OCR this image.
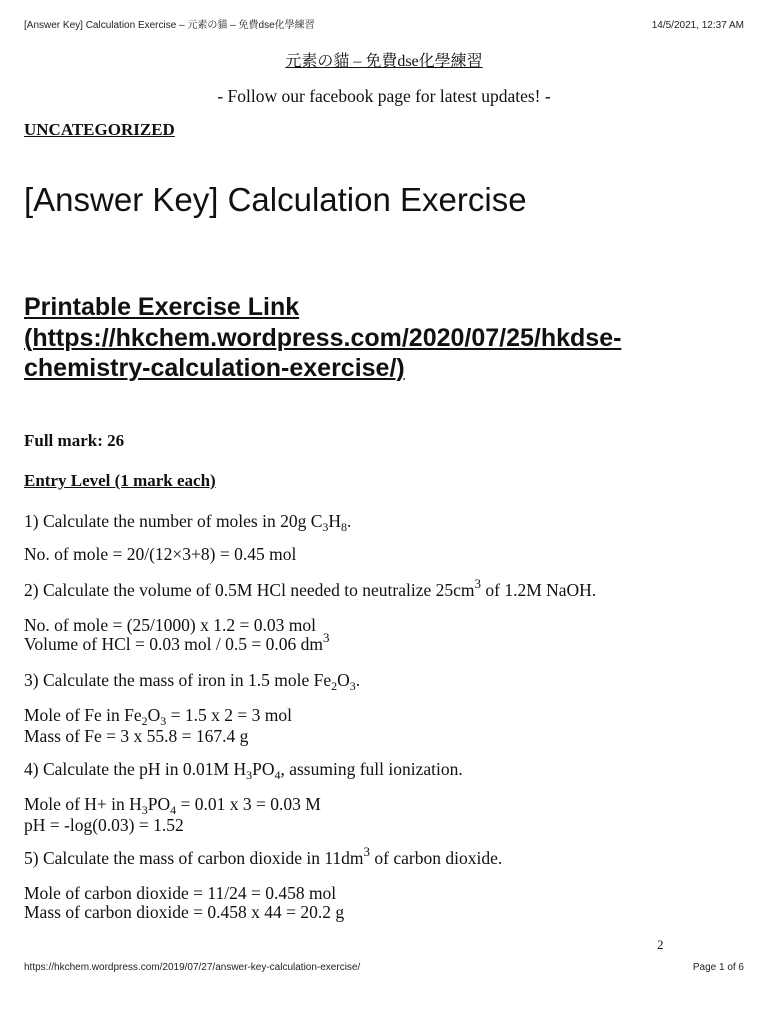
[Answer Key] Calculation Exercise – 元素の貓 – 免費dse化學練習	14/5/2021, 12:37 AM
元素の貓 – 免費dse化學練習
- Follow our facebook page for latest updates! -
UNCATEGORIZED
[Answer Key] Calculation Exercise
Printable Exercise Link
(https://hkchem.wordpress.com/2020/07/25/hkdse-chemistry-calculation-exercise/)
Full mark: 26
Entry Level (1 mark each)

1) Calculate the number of moles in 20g $C_3H_8$.

No. of mole = 20/(12×3+8) = 0.45 mol

2) Calculate the volume of 0.5M HCl needed to neutralize $25cm^3$ of 1.2M NaOH.

No. of mole = (25/1000) x 1.2 = 0.03 mol
Volume of HCl = 0.03 mol / 0.5 = 0.06 $dm^3$

3) Calculate the mass of iron in 1.5 mole $Fe_2O_3$.

Mole of Fe in $Fe_2O_3 = 1.5$ x 2 = 3 mol
Mass of Fe = 3 x 55.8 = 167.4 g

4) Calculate the pH in 0.01M $H_3PO_4$, assuming full ionization.

Mole of H+ in $H_3PO_4 = 0.01$ x 3 = 0.03 M
pH = -log(0.03) = 1.52

5) Calculate the mass of carbon dioxide in $11dm^3$ of carbon dioxide.

Mole of carbon dioxide = 11/24 = 0.458 mol
Mass of carbon dioxide = 0.458 x 44 = 20.2 g
2
https://hkchem.wordpress.com/2019/07/27/answer-key-calculation-exercise/	Page 1 of 6
